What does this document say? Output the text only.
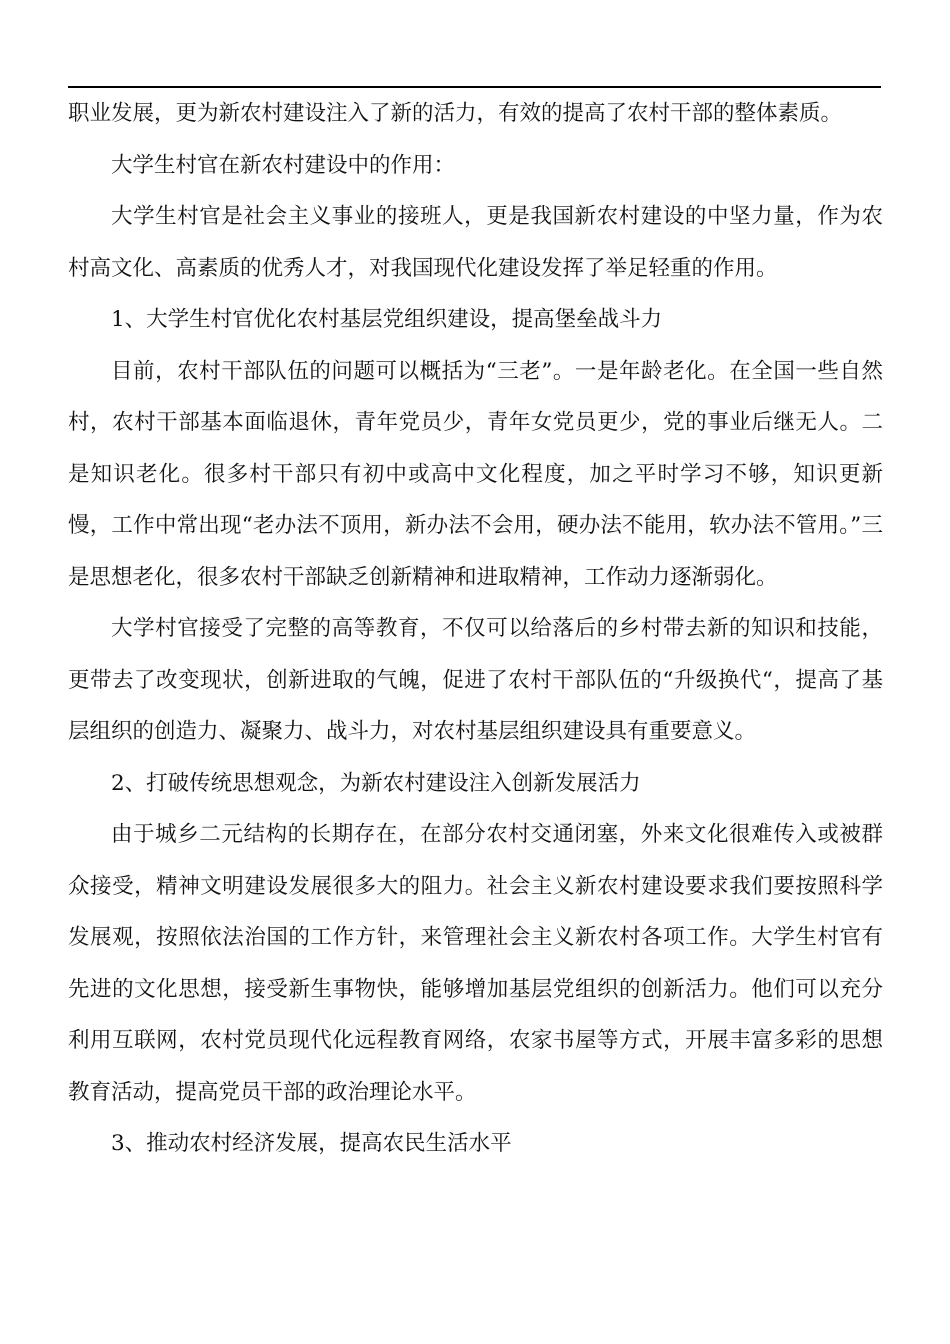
职业发展，更为新农村建设注入了新的活力，有效的提高了农村干部的整体素质。

大学生村官在新农村建设中的作用：

大学生村官是社会主义事业的接班人，更是我国新农村建设的中坚力量，作为农村高文化、高素质的优秀人才，对我国现代化建设发挥了举足轻重的作用。

1、大学生村官优化农村基层党组织建设，提高堡垒战斗力

目前，农村干部队伍的问题可以概括为“三老”。一是年龄老化。在全国一些自然村，农村干部基本面临退休，青年党员少，青年女党员更少，党的事业后继无人。二是知识老化。很多村干部只有初中或高中文化程度，加之平时学习不够，知识更新慢，工作中常出现“老办法不顶用，新办法不会用，硬办法不能用，软办法不管用。”三是思想老化，很多农村干部缺乏创新精神和进取精神，工作动力逐渐弱化。

大学村官接受了完整的高等教育，不仅可以给落后的乡村带去新的知识和技能，更带去了改变现状，创新进取的气魄，促进了农村干部队伍的“升级换代“，提高了基层组织的创造力、凝聚力、战斗力，对农村基层组织建设具有重要意义。

2、打破传统思想观念，为新农村建设注入创新发展活力

由于城乡二元结构的长期存在，在部分农村交通闭塞，外来文化很难传入或被群众接受，精神文明建设发展很多大的阻力。社会主义新农村建设要求我们要按照科学发展观，按照依法治国的工作方针，来管理社会主义新农村各项工作。大学生村官有先进的文化思想，接受新生事物快，能够增加基层党组织的创新活力。他们可以充分利用互联网，农村党员现代化远程教育网络，农家书屋等方式，开展丰富多彩的思想教育活动，提高党员干部的政治理论水平。

3、推动农村经济发展，提高农民生活水平
